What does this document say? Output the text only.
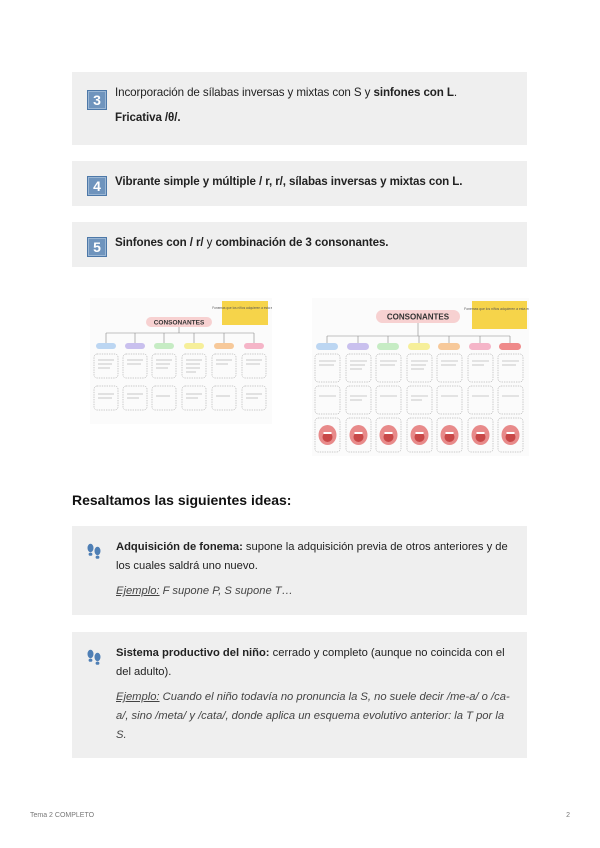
3	Incorporación de sílabas inversas y mixtas con S y sinfones con L.
Fricativa /θ/.
4	Vibrante simple y múltiple / r, r/, sílabas inversas y mixtas con L.
5	Sinfones con / r/ y combinación de 3 consonantes.
Fonemas que los niños adquieren a esta edad
CONSONANTES
Fonemas que los niños adquieren a esta edad
CONSONANTES
Resaltamos las siguientes ideas:
Adquisición de fonema: supone la adquisición previa de otros anteriores y de los cuales saldrá uno nuevo.
Ejemplo: F supone P, S supone T…
Sistema productivo del niño: cerrado y completo (aunque no coincida con el del adulto).
Ejemplo: Cuando el niño todavía no pronuncia la S, no suele decir /me-a/ o /ca-a/, sino /meta/ y /cata/, donde aplica un esquema evolutivo anterior: la T por la S.
Tema 2 COMPLETO	2
